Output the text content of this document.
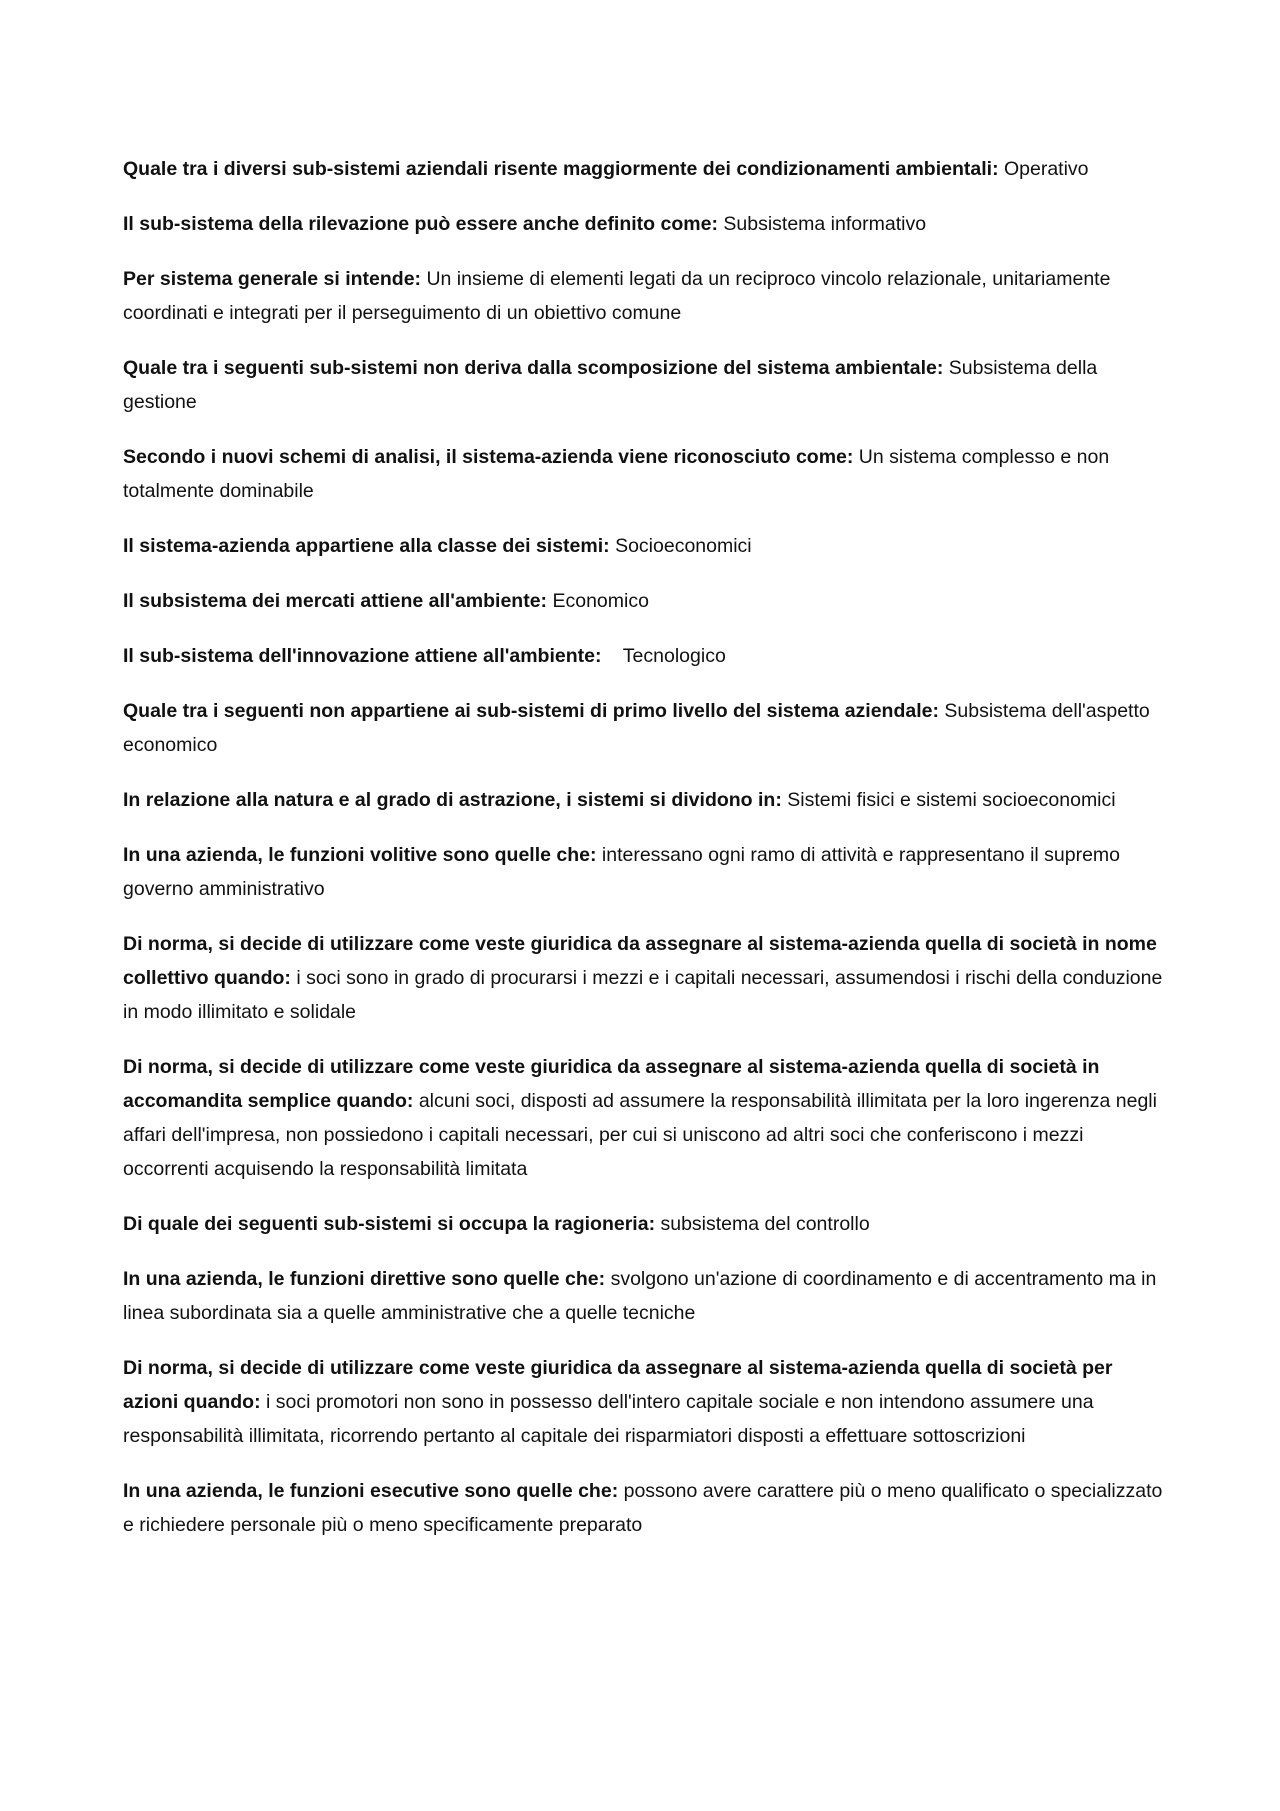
Quale tra i diversi sub-sistemi aziendali risente maggiormente dei condizionamenti ambientali: Operativo

Il sub-sistema della rilevazione può essere anche definito come: Subsistema informativo

Per sistema generale si intende: Un insieme di elementi legati da un reciproco vincolo relazionale, unitariamente coordinati e integrati per il perseguimento di un obiettivo comune

Quale tra i seguenti sub-sistemi non deriva dalla scomposizione del sistema ambientale: Subsistema della gestione

Secondo i nuovi schemi di analisi, il sistema-azienda viene riconosciuto come: Un sistema complesso e non totalmente dominabile

Il sistema-azienda appartiene alla classe dei sistemi: Socioeconomici

Il subsistema dei mercati attiene all'ambiente: Economico

Il sub-sistema dell'innovazione attiene all'ambiente:    Tecnologico

Quale tra i seguenti non appartiene ai sub-sistemi di primo livello del sistema aziendale: Subsistema dell'aspetto economico

In relazione alla natura e al grado di astrazione, i sistemi si dividono in: Sistemi fisici e sistemi socioeconomici

In una azienda, le funzioni volitive sono quelle che: interessano ogni ramo di attività e rappresentano il supremo governo amministrativo

Di norma, si decide di utilizzare come veste giuridica da assegnare al sistema-azienda quella di società in nome collettivo quando: i soci sono in grado di procurarsi i mezzi e i capitali necessari, assumendosi i rischi della conduzione in modo illimitato e solidale

Di norma, si decide di utilizzare come veste giuridica da assegnare al sistema-azienda quella di società in accomandita semplice quando: alcuni soci, disposti ad assumere la responsabilità illimitata per la loro ingerenza negli affari dell'impresa, non possiedono i capitali necessari, per cui si uniscono ad altri soci che conferiscono i mezzi occorrenti acquisendo la responsabilità limitata

Di quale dei seguenti sub-sistemi si occupa la ragioneria: subsistema del controllo

In una azienda, le funzioni direttive sono quelle che: svolgono un'azione di coordinamento e di accentramento ma in linea subordinata sia a quelle amministrative che a quelle tecniche

Di norma, si decide di utilizzare come veste giuridica da assegnare al sistema-azienda quella di società per azioni quando: i soci promotori non sono in possesso dell'intero capitale sociale e non intendono assumere una responsabilità illimitata, ricorrendo pertanto al capitale dei risparmiatori disposti a effettuare sottoscrizioni

In una azienda, le funzioni esecutive sono quelle che: possono avere carattere più o meno qualificato o specializzato e richiedere personale più o meno specificamente preparato
